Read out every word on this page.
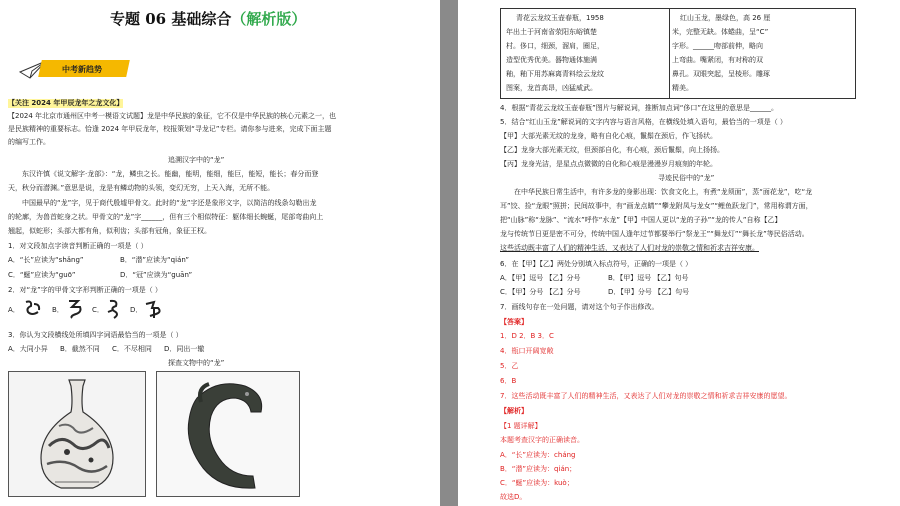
专题 06 基础综合（解析版）
中考新趋势
【关注 2024 年甲辰龙年之龙文化】
【2024 年北京市通州区中考一模语文试题】龙是中华民族的象征，它不仅是中华民族的核心元素之一，也
是民族精神的重要标志。恰逢 2024 年甲辰龙年，校报策划“寻龙记”专栏。请你参与进来，完成下面主题
的编写工作。
追溯汉字中的“龙”
东汉许慎《说文解字·龙部》：“龙，鳞虫之长。能幽，能明，能细，能巨，能短，能长；春分而登
天，秋分而潜渊。”意思是说，龙是有鳞动物的头领，变幻无穷，上天入海，无所不能。
中国最早的“龙”字，见于商代殷墟甲骨文。此时的“龙”字还是象形文字，以简洁的线条勾勒出龙
的轮廓，为兽首蛇身之状。甲骨文的“龙”字______，但有三个相似特征：躯体细长蜿蜒，尾部弯曲向上
翘起，似蛇形；头部大都有角，似利齿；头部有冠角，象征王权。
1．对文段加点字读音判断正确的一项是（ ）
A．“长”应读为“shǎng”	B．“潜”应读为“qián”
C．“蜒”应读为“guō”	D．“冠”应读为“guān”
2．对“龙”字的甲骨文字形判断正确的一项是（ ）
A．	B．	C．	D．
3．你认为文段横线处所填四字词语最恰当的一项是（ ）
A．大同小异 B．截然不同 C．不尽相同 D．同出一辙
探查文物中的“龙”
青花云龙纹玉壶春瓶，1958
年出土于河南省荥阳东峪镇楚
村。侈口，细颈，溜肩，圈足，
造型优秀优美。器物通体施满
釉，釉下用苏麻离青料绘云龙纹
图案，龙首高昂，凶猛威武。
红山玉龙，墨绿色，高 26 厘
米，完整无缺。体蜷曲，呈“C”
字形。______吻部前伸，略向
上弯曲。嘴紧闭，有对称的双
鼻孔。双眼突起，呈棱形。雕琢
精美。
4．根据“青花云龙纹玉壶春瓶”图片与解说词，推断加点词“侈口”在这里的意思是______。
5．结合“红山玉龙”解说词的文字内容与语言风格，在横线处填入语句，最恰当的一项是（ ）
【甲】大部光素无纹的龙身，略有自化心痕，鬣鬃在颈后，作飞扬状。
【乙】龙身大部光素无纹，但颈部自化，有心痕，颈后鬣鬃，向上扬扬。
【丙】龙身光洁，是星点点微微的自化和心痕是漫漫岁月痕刻的年轮。
寻迹民俗中的“龙”
在中华民族日常生活中，有许多龙的身影出现：饮食文化上，有煮“龙须面”，蒸“面花龙”，吃“龙
耳”饺、捡“龙眼”照拼；民间故事中，有“画龙点睛”“攀龙附凤与龙女”“鲤鱼跃龙门”，常用称谓方面，
把“山脉”称“龙脉”、“流水”呼作“水龙”【甲】中国人更以“龙的子孙”“龙的传人”自称【乙】
龙与传统节日更是密不可分，传统中国人逢年过节都要举行“祭龙王”“舞龙灯”“舞长龙”等民俗活动。
这些活动既丰富了人们的精神生活，又表达了人们对龙的崇敬之情和祈求吉祥安康。
6．在【甲】【乙】两处分别填入标点符号，正确的一项是（ ）
A．【甲】逗号 【乙】分号	B．【甲】逗号 【乙】句号
C．【甲】分号 【乙】分号	D．【甲】分号 【乙】句号
7．画线句存在一处问题，请对这个句子作出修改。
【答案】
1．D 2．B 3．C
4．瓶口开阔宽敞
5．乙
6．B
7．这些活动既丰富了人们的精神生活，又表达了人们对龙的崇敬之情和祈求吉祥安康的愿望。
【解析】
【1 题详解】
本题考查汉字的正确读音。
A．“长”应读为：cháng
B．“潜”应读为：qián；
C．“蜒”应读为：kuò；
故选D。
